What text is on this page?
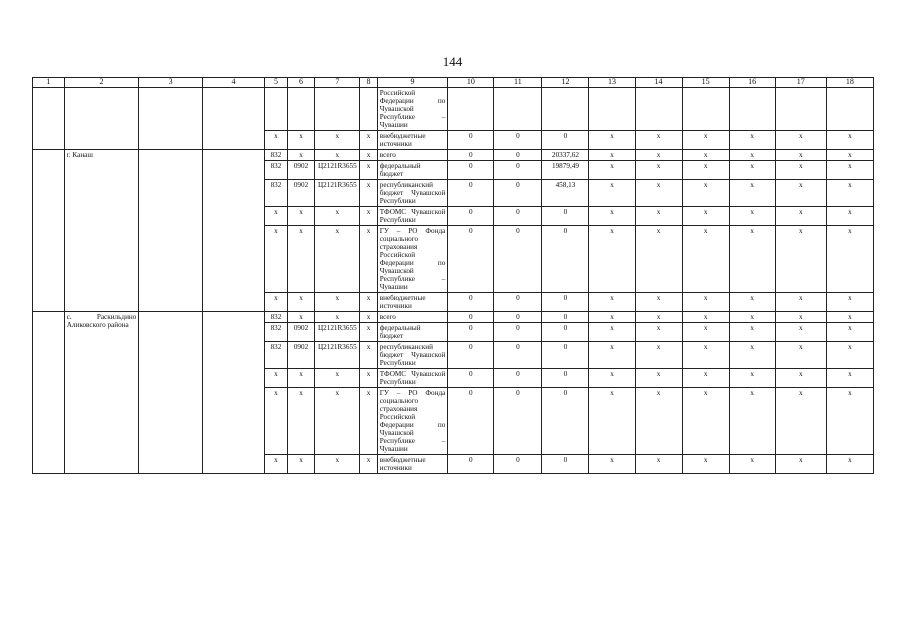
144
1	2	3	4	5	6	7	8	9	10	11	12	13	14	15	16	17	18
								Российской Федерации по Чувашской Республике – Чувашии									
				х	х	х	х	внебюджетные источники	0	0	0	х	х	х	х	х	х
	г. Канаш			832	х	х	х	всего	0	0	20337,62	х	х	х	х	х	х
				832	0902	Ц2121R3655	х	федеральный бюджет	0	0	19879,49	х	х	х	х	х	х
				832	0902	Ц2121R3655	х	республиканский бюджет Чувашской Республики	0	0	458,13	х	х	х	х	х	х
				х	х	х	х	ТФОМС Чувашской Республики	0	0	0	х	х	х	х	х	х
				х	х	х	х	ГУ – РО Фонда социального страхования Российской Федерации по Чувашской Республике – Чувашии	0	0	0	х	х	х	х	х	х
				х	х	х	х	внебюджетные источники	0	0	0	х	х	х	х	х	х
	с. Раскильдино Аликовского района			832	х	х	х	всего	0	0	0	х	х	х	х	х	х
				832	0902	Ц2121R3655	х	федеральный бюджет	0	0	0	х	х	х	х	х	х
				832	0902	Ц2121R3655	х	республиканский бюджет Чувашской Республики	0	0	0	х	х	х	х	х	х
				х	х	х	х	ТФОМС Чувашской Республики	0	0	0	х	х	х	х	х	х
				х	х	х	х	ГУ – РО Фонда социального страхования Российской Федерации по Чувашской Республике – Чувашии	0	0	0	х	х	х	х	х	х
				х	х	х	х	внебюджетные источники	0	0	0	х	х	х	х	х	х
